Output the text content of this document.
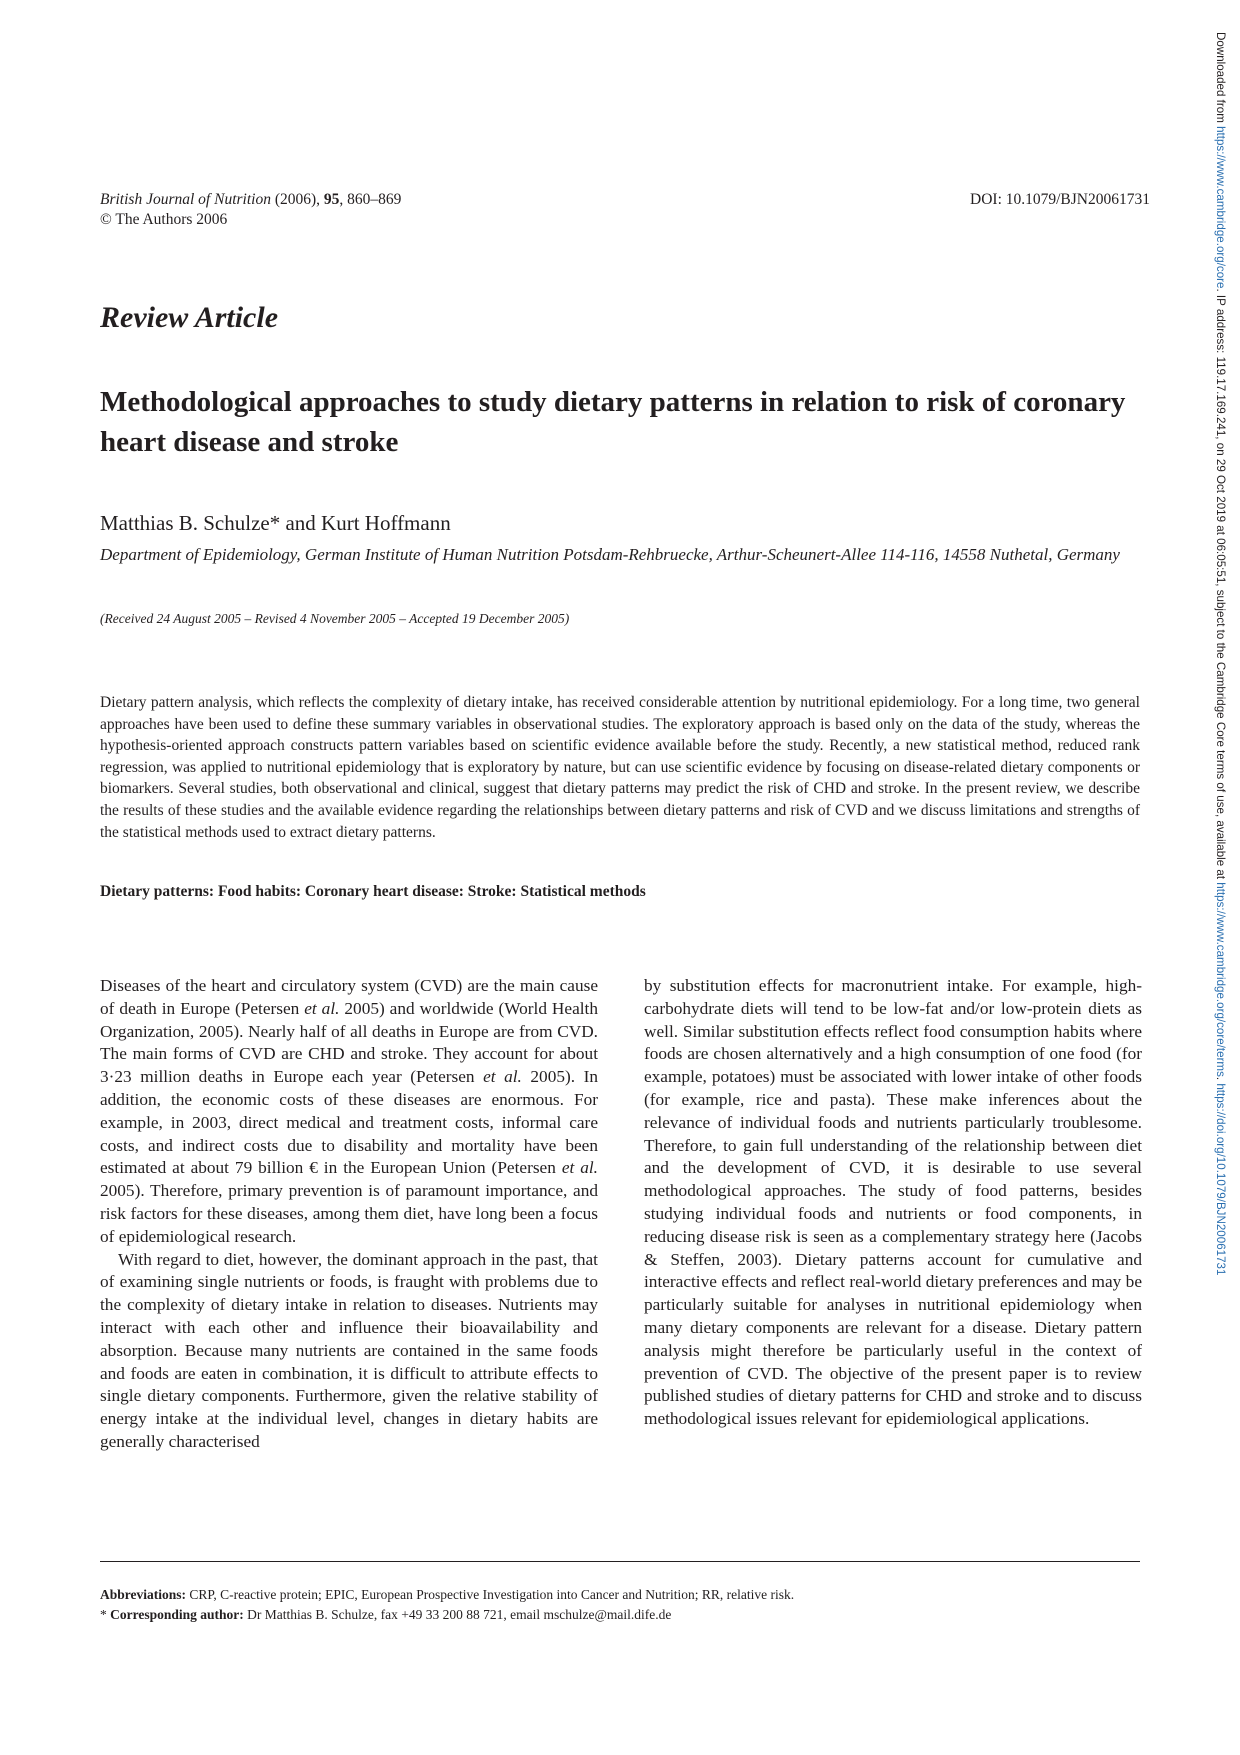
British Journal of Nutrition (2006), 95, 860–869
© The Authors 2006
DOI: 10.1079/BJN20061731
Review Article
Methodological approaches to study dietary patterns in relation to risk of coronary heart disease and stroke
Matthias B. Schulze* and Kurt Hoffmann
Department of Epidemiology, German Institute of Human Nutrition Potsdam-Rehbruecke, Arthur-Scheunert-Allee 114-116, 14558 Nuthetal, Germany
(Received 24 August 2005 – Revised 4 November 2005 – Accepted 19 December 2005)
Dietary pattern analysis, which reflects the complexity of dietary intake, has received considerable attention by nutritional epidemiology. For a long time, two general approaches have been used to define these summary variables in observational studies. The exploratory approach is based only on the data of the study, whereas the hypothesis-oriented approach constructs pattern variables based on scientific evidence available before the study. Recently, a new statistical method, reduced rank regression, was applied to nutritional epidemiology that is exploratory by nature, but can use scientific evidence by focusing on disease-related dietary components or biomarkers. Several studies, both observational and clinical, suggest that dietary patterns may predict the risk of CHD and stroke. In the present review, we describe the results of these studies and the available evidence regarding the relationships between dietary patterns and risk of CVD and we discuss limitations and strengths of the statistical methods used to extract dietary patterns.
Dietary patterns: Food habits: Coronary heart disease: Stroke: Statistical methods

Diseases of the heart and circulatory system (CVD) are the main cause of death in Europe (Petersen et al. 2005) and worldwide (World Health Organization, 2005). Nearly half of all deaths in Europe are from CVD. The main forms of CVD are CHD and stroke. They account for about 3·23 million deaths in Europe each year (Petersen et al. 2005). In addition, the economic costs of these diseases are enormous. For example, in 2003, direct medical and treatment costs, informal care costs, and indirect costs due to disability and mortality have been estimated at about 79 billion € in the European Union (Petersen et al. 2005). Therefore, primary prevention is of paramount importance, and risk factors for these diseases, among them diet, have long been a focus of epidemiological research.

With regard to diet, however, the dominant approach in the past, that of examining single nutrients or foods, is fraught with problems due to the complexity of dietary intake in relation to diseases. Nutrients may interact with each other and influence their bioavailability and absorption. Because many nutrients are contained in the same foods and foods are eaten in combination, it is difficult to attribute effects to single dietary components. Furthermore, given the relative stability of energy intake at the individual level, changes in dietary habits are generally characterised

by substitution effects for macronutrient intake. For example, high-carbohydrate diets will tend to be low-fat and/or low-protein diets as well. Similar substitution effects reflect food consumption habits where foods are chosen alternatively and a high consumption of one food (for example, potatoes) must be associated with lower intake of other foods (for example, rice and pasta). These make inferences about the relevance of individual foods and nutrients particularly troublesome. Therefore, to gain full understanding of the relationship between diet and the development of CVD, it is desirable to use several methodological approaches. The study of food patterns, besides studying individual foods and nutrients or food components, in reducing disease risk is seen as a complementary strategy here (Jacobs & Steffen, 2003). Dietary patterns account for cumulative and interactive effects and reflect real-world dietary preferences and may be particularly suitable for analyses in nutritional epidemiology when many dietary components are relevant for a disease. Dietary pattern analysis might therefore be particularly useful in the context of prevention of CVD. The objective of the present paper is to review published studies of dietary patterns for CHD and stroke and to discuss methodological issues relevant for epidemiological applications.

Abbreviations: CRP, C-reactive protein; EPIC, European Prospective Investigation into Cancer and Nutrition; RR, relative risk.
* Corresponding author: Dr Matthias B. Schulze, fax +49 33 200 88 721, email mschulze@mail.dife.de
Downloaded from https://www.cambridge.org/core. IP address: 119.17.169.241, on 29 Oct 2019 at 06:05:51, subject to the Cambridge Core terms of use, available at https://www.cambridge.org/core/terms. https://doi.org/10.1079/BJN20061731
